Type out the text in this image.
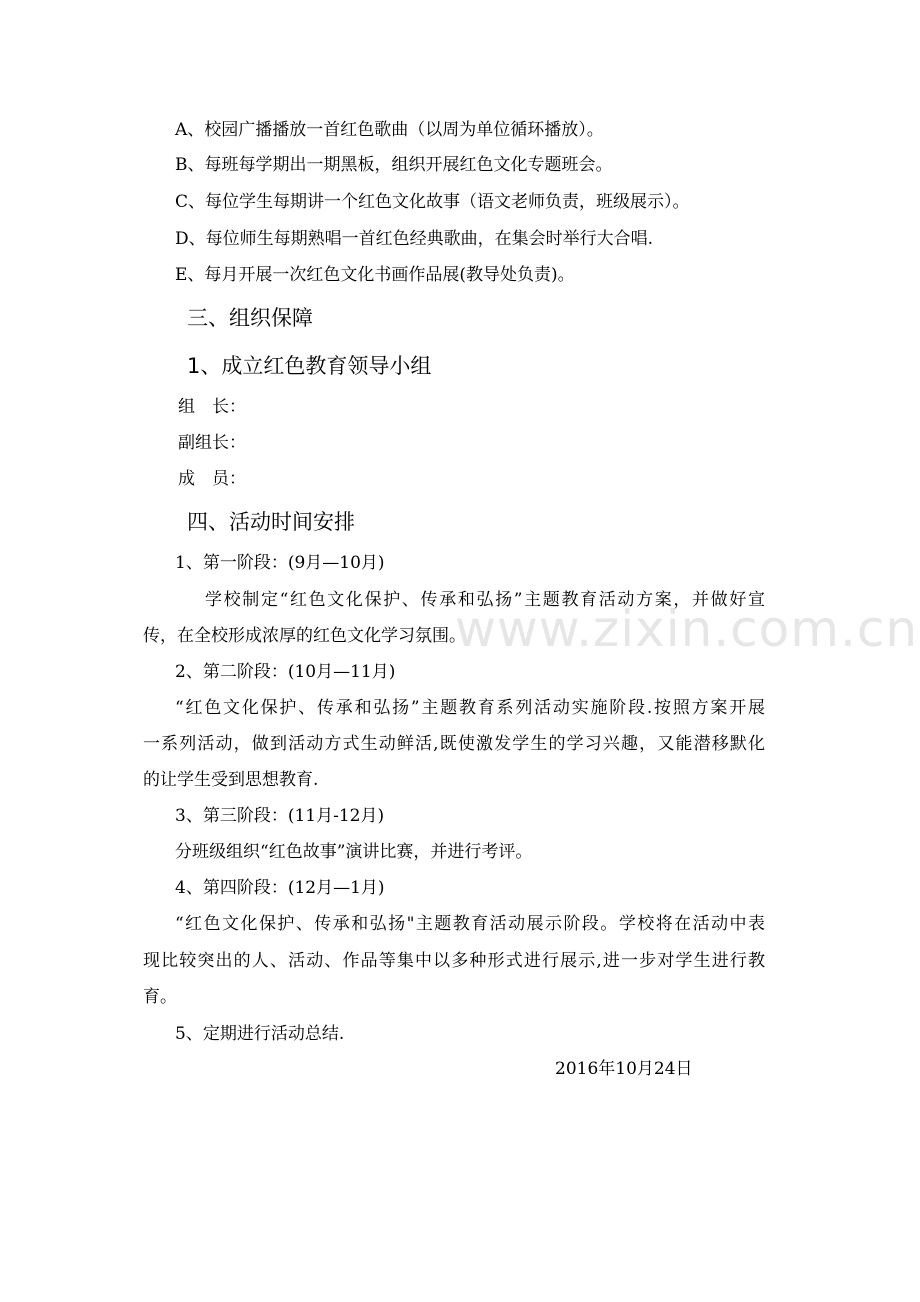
www.zixin.com.cn

A、校园广播播放一首红色歌曲（以周为单位循环播放）。

B、每班每学期出一期黑板，组织开展红色文化专题班会。

C、每位学生每期讲一个红色文化故事（语文老师负责，班级展示）。

D、每位师生每期熟唱一首红色经典歌曲，在集会时举行大合唱.

E、每月开展一次红色文化书画作品展(教导处负责)。

三、组织保障
1、成立红色教育领导小组

组　长：

副组长：

成　员：

四、活动时间安排

1、第一阶段：(9月—10月)

学校制定“红色文化保护、传承和弘扬”主题教育活动方案，并做好宣

传，在全校形成浓厚的红色文化学习氛围。

2、第二阶段：(10月—11月)

“红色文化保护、传承和弘扬”主题教育系列活动实施阶段.按照方案开展

一系列活动，做到活动方式生动鲜活,既使激发学生的学习兴趣，又能潜移默化

的让学生受到思想教育.

3、第三阶段：(11月-12月)

分班级组织“红色故事”演讲比赛，并进行考评。

4、第四阶段：(12月—1月)

“红色文化保护、传承和弘扬"主题教育活动展示阶段。学校将在活动中表

现比较突出的人、活动、作品等集中以多种形式进行展示,进一步对学生进行教

育。

5、定期进行活动总结.

2016年10月24日
